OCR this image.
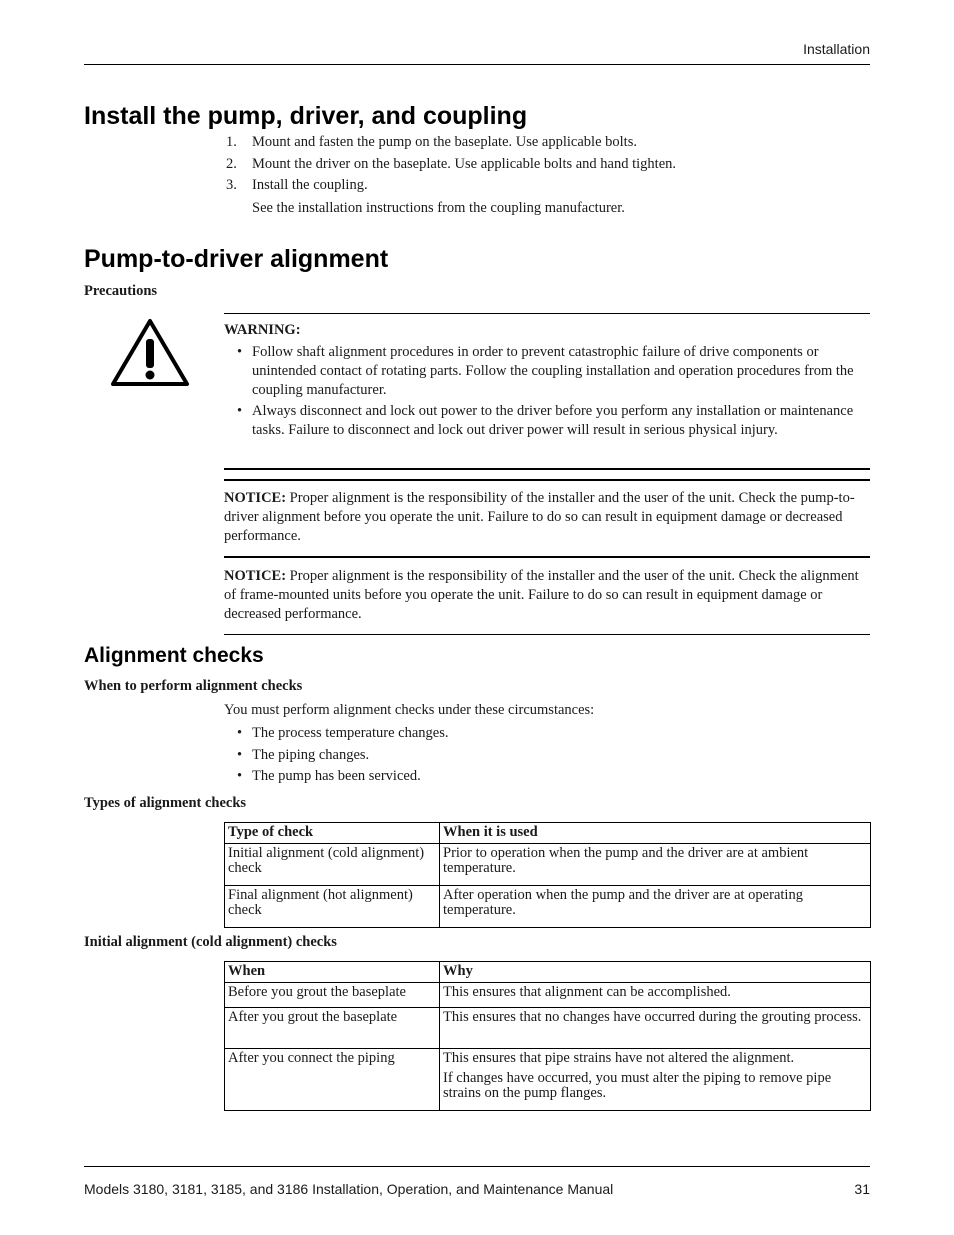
Installation
Install the pump, driver, and coupling
1. Mount and fasten the pump on the baseplate. Use applicable bolts.
2. Mount the driver on the baseplate. Use applicable bolts and hand tighten.
3. Install the coupling.
See the installation instructions from the coupling manufacturer.
Pump-to-driver alignment
Precautions
WARNING:
• Follow shaft alignment procedures in order to prevent catastrophic failure of drive components or unintended contact of rotating parts. Follow the coupling installation and operation procedures from the coupling manufacturer.
• Always disconnect and lock out power to the driver before you perform any installation or maintenance tasks. Failure to disconnect and lock out driver power will result in serious physical injury.
NOTICE: Proper alignment is the responsibility of the installer and the user of the unit. Check the pump-to-driver alignment before you operate the unit. Failure to do so can result in equipment damage or decreased performance.
NOTICE: Proper alignment is the responsibility of the installer and the user of the unit. Check the alignment of frame-mounted units before you operate the unit. Failure to do so can result in equipment damage or decreased performance.
Alignment checks
When to perform alignment checks
You must perform alignment checks under these circumstances:
• The process temperature changes.
• The piping changes.
• The pump has been serviced.
Types of alignment checks
Type of check	When it is used
Initial alignment (cold alignment) check	Prior to operation when the pump and the driver are at ambient temperature.
Final alignment (hot alignment) check	After operation when the pump and the driver are at operating temperature.
Initial alignment (cold alignment) checks
When	Why
Before you grout the baseplate	This ensures that alignment can be accomplished.
After you grout the baseplate	This ensures that no changes have occurred during the grouting process.
After you connect the piping	This ensures that pipe strains have not altered the alignment.
If changes have occurred, you must alter the piping to remove pipe strains on the pump flanges.
Models 3180, 3181, 3185, and 3186 Installation, Operation, and Maintenance Manual	31
